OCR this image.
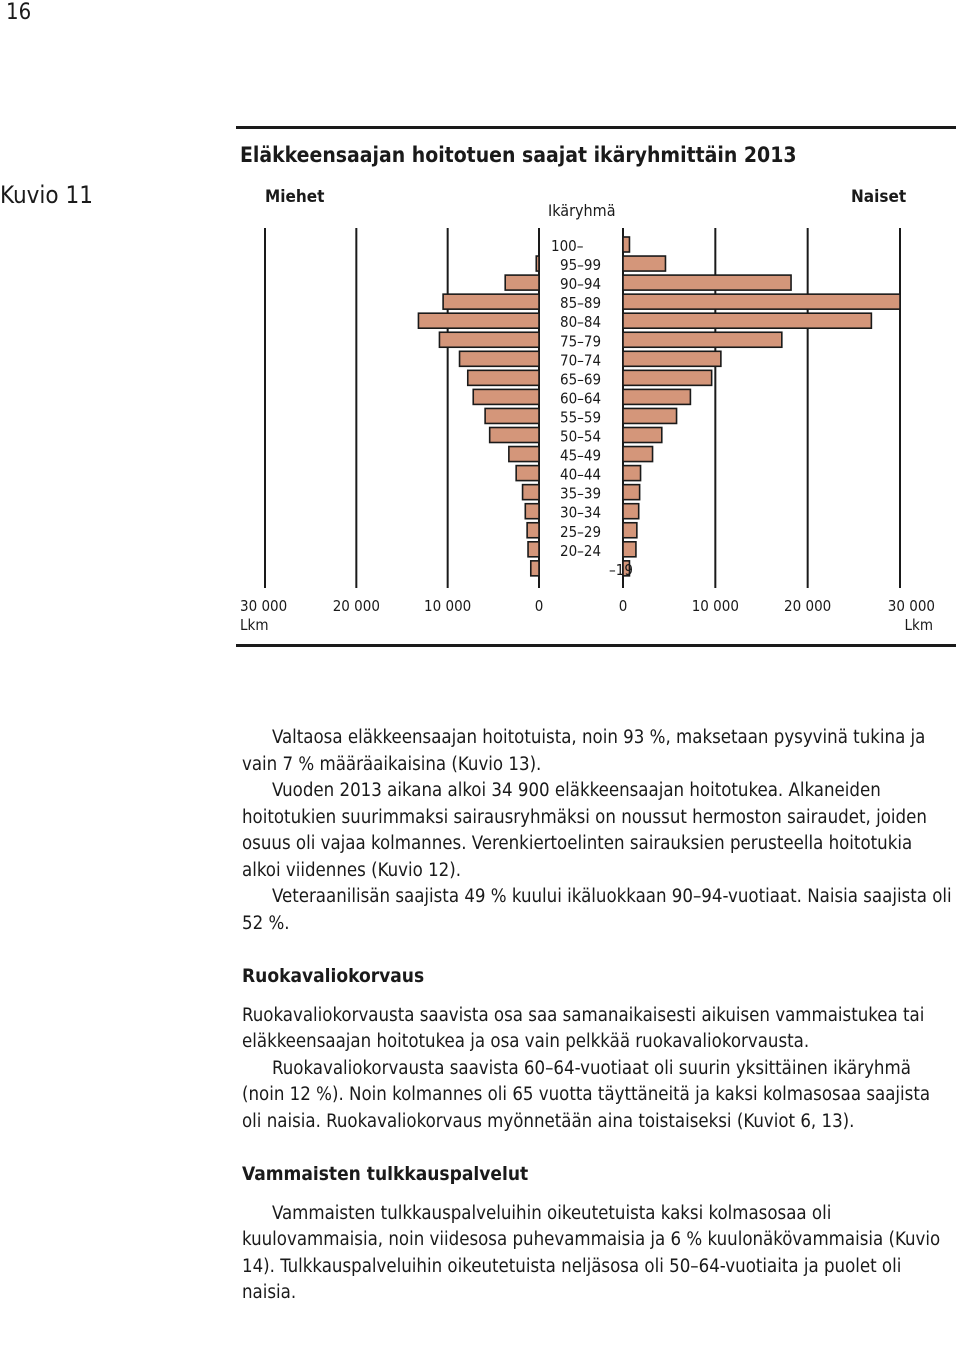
16
Eläkkeensaajan hoitotuen saajat ikäryhmittäin 2013
Kuvio 11	Miehet	Naiset
Ikäryhmä
100–
95–99
90–94
85–89
80–84
75–79
70–74
65–69
60–64
55–59
50–54
45–49
40–44
35–39
30–34
25–29
20–24
–19
30 000	20 000	10 000	0	0	10 000	20 000	30 000
Lkm	Lkm

Valtaosa eläkkeensaajan hoitotuista, noin 93 %, maksetaan pysyvinä tukina ja vain 7 % määräaikaisina (Kuvio 13).

Vuoden 2013 aikana alkoi 34 900 eläkkeensaajan hoitotukea. Alkaneiden hoitotukien suurimmaksi sairausryhmäksi on noussut hermoston sairaudet, joiden osuus oli vajaa kolmannes. Verenkiertoelinten sairauksien perusteella hoitotukia alkoi viidennes (Kuvio 12).

Veteraanilisän saajista 49 % kuului ikäluokkaan 90–94-vuotiaat. Naisia saajista oli 52 %.

Ruokavaliokorvaus

Ruokavaliokorvausta saavista osa saa samanaikaisesti aikuisen vammaistukea tai eläkkeensaajan hoitotukea ja osa vain pelkkää ruokavaliokorvausta.

Ruokavaliokorvausta saavista 60–64-vuotiaat oli suurin yksittäinen ikäryhmä (noin 12 %). Noin kolmannes oli 65 vuotta täyttäneitä ja kaksi kolmasosaa saajista oli naisia. Ruokavaliokorvaus myönnetään aina toistaiseksi (Kuviot 6, 13).

Vammaisten tulkkauspalvelut

Vammaisten tulkkauspalveluihin oikeutetuista kaksi kolmasosaa oli kuulovammaisia, noin viidesosa puhevammaisia ja 6 % kuulonäkövammaisia (Kuvio 14). Tulkkauspalveluihin oikeutetuista neljäsosa oli 50–64-vuotiaita ja puolet oli naisia.
